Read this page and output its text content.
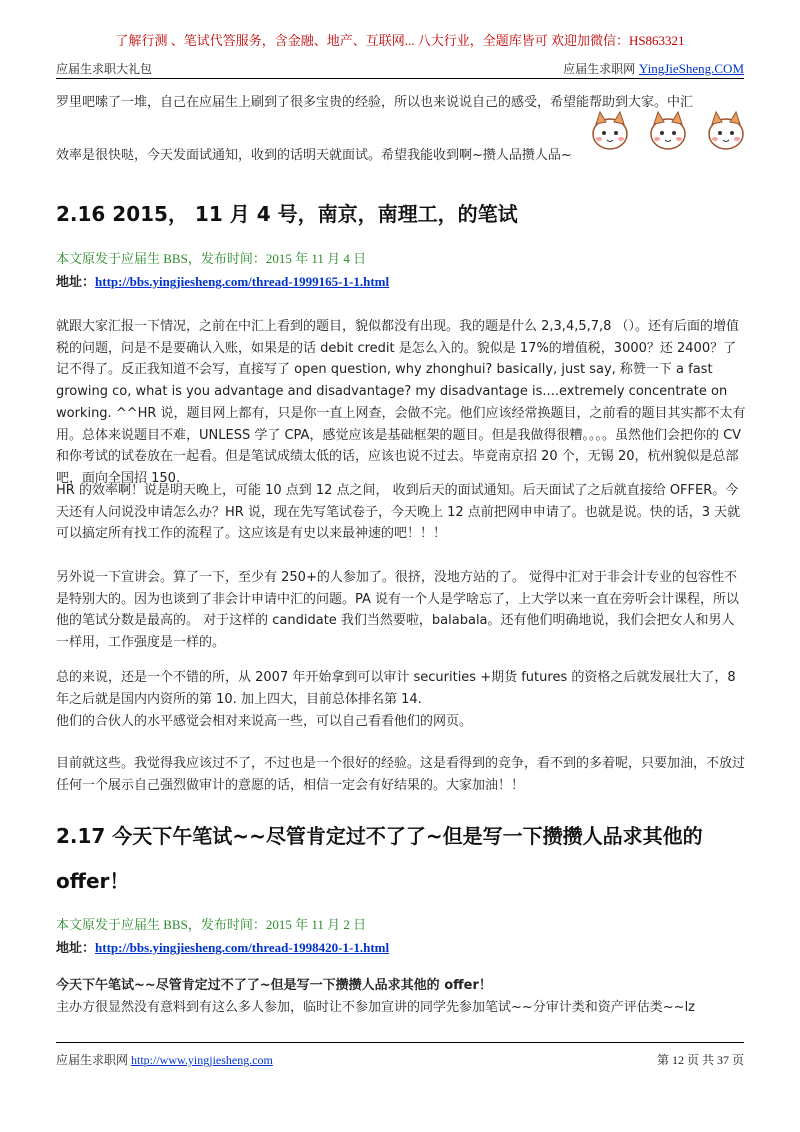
了解行测 、笔试代答服务，含金融、地产、互联网... 八大行业，全题库皆可 欢迎加微信：HS863321
应届生求职大礼包	应届生求职网 YingJieSheng.COM

罗里吧嗦了一堆，自己在应届生上刷到了很多宝贵的经验，所以也来说说自己的感受，希望能帮助到大家。中汇

效率是很快哒，今天发面试通知，收到的话明天就面试。希望我能收到啊~攒人品攒人品~

2.16 2015， 11 月 4 号，南京，南理工，的笔试
本文原发于应届生 BBS，发布时间：2015 年 11 月 4 日
地址：http://bbs.yingjiesheng.com/thread-1999165-1-1.html

就跟大家汇报一下情况，之前在中汇上看到的题目，貌似都没有出现。我的题是什么 2,3,4,5,7,8 （）。还有后面的增值税的问题，问是不是要确认入账，如果是的话 debit credit 是怎么入的。貌似是 17%的增值税，3000？还 2400？了记不得了。反正我知道不会写，直接写了 open question, why zhonghui? basically, just say, 称赞一下 a fast growing co, what is you advantage and disadvantage? my disadvantage is....extremely concentrate on working. ^^HR 说，题目网上都有，只是你一直上网查，会做不完。他们应该经常换题目，之前看的题目其实都不太有用。总体来说题目不难，UNLESS 学了 CPA，感觉应该是基础框架的题目。但是我做得很糟。。。。虽然他们会把你的 CV 和你考试的试卷放在一起看。但是笔试成绩太低的话，应该也说不过去。毕竟南京招 20 个，无锡 20，杭州貌似是总部吧，面向全国招 150.

HR 的效率啊！说是明天晚上，可能 10 点到 12 点之间， 收到后天的面试通知。后天面试了之后就直接给 OFFER。今天还有人问说没申请怎么办？HR 说，现在先写笔试卷子，今天晚上 12 点前把网申申请了。也就是说。快的话，3 天就可以搞定所有找工作的流程了。这应该是有史以来最神速的吧！！！

另外说一下宣讲会。算了一下，至少有 250+的人参加了。很挤，没地方站的了。 觉得中汇对于非会计专业的包容性不是特别大的。因为也谈到了非会计申请中汇的问题。PA 说有一个人是学啥忘了，上大学以来一直在旁听会计课程，所以他的笔试分数是最高的。 对于这样的 candidate 我们当然要啦，balabala。还有他们明确地说，我们会把女人和男人一样用，工作强度是一样的。

总的来说，还是一个不错的所，从 2007 年开始拿到可以审计 securities +期货 futures 的资格之后就发展壮大了，8 年之后就是国内内资所的第 10. 加上四大，目前总体排名第 14.

他们的合伙人的水平感觉会相对来说高一些，可以自己看看他们的网页。

目前就这些。我觉得我应该过不了，不过也是一个很好的经验。这是看得到的竞争，看不到的多着呢，只要加油，不放过任何一个展示自己强烈做审计的意愿的话，相信一定会有好结果的。大家加油！！

2.17 今天下午笔试~~尽管肯定过不了了~但是写一下攒攒人品求其他的
offer！
本文原发于应届生 BBS，发布时间：2015 年 11 月 2 日
地址：http://bbs.yingjiesheng.com/thread-1998420-1-1.html

今天下午笔试~~尽管肯定过不了了~但是写一下攒攒人品求其他的 offer！

主办方很显然没有意料到有这么多人参加，临时让不参加宣讲的同学先参加笔试~~分审计类和资产评估类~~lz

应届生求职网 http://www.yingjiesheng.com	第 12 页 共 37 页
